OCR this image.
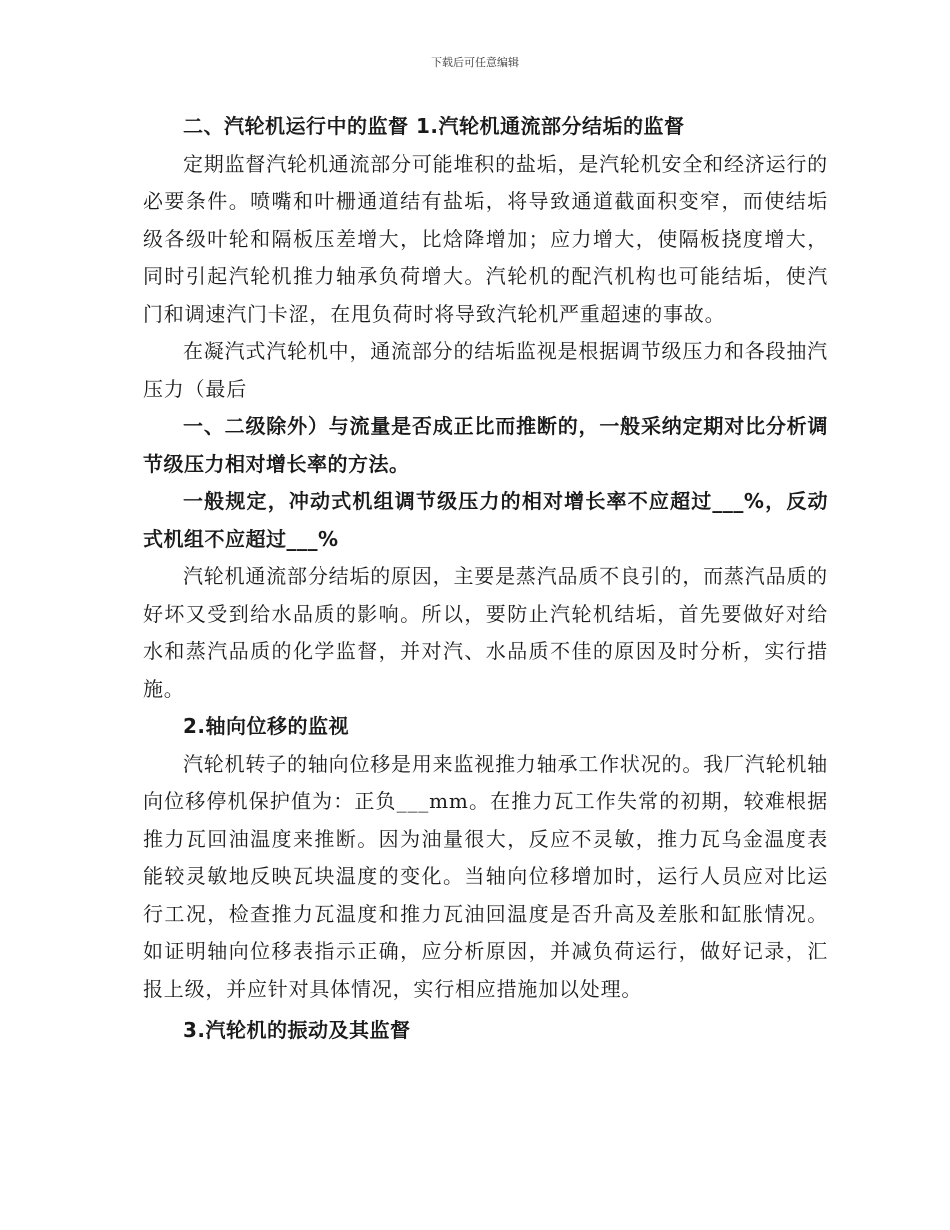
下载后可任意编辑

二、汽轮机运行中的监督 1.汽轮机通流部分结垢的监督

定期监督汽轮机通流部分可能堆积的盐垢，是汽轮机安全和经济运行的必要条件。喷嘴和叶栅通道结有盐垢，将导致通道截面积变窄，而使结垢级各级叶轮和隔板压差增大，比焓降增加；应力增大，使隔板挠度增大，同时引起汽轮机推力轴承负荷增大。汽轮机的配汽机构也可能结垢，使汽门和调速汽门卡涩，在甩负荷时将导致汽轮机严重超速的事故。

在凝汽式汽轮机中，通流部分的结垢监视是根据调节级压力和各段抽汽压力（最后

一、二级除外）与流量是否成正比而推断的，一般采纳定期对比分析调节级压力相对增长率的方法。

一般规定，冲动式机组调节级压力的相对增长率不应超过___%，反动式机组不应超过___%

汽轮机通流部分结垢的原因，主要是蒸汽品质不良引的，而蒸汽品质的好坏又受到给水品质的影响。所以，要防止汽轮机结垢，首先要做好对给水和蒸汽品质的化学监督，并对汽、水品质不佳的原因及时分析，实行措施。

2.轴向位移的监视

汽轮机转子的轴向位移是用来监视推力轴承工作状况的。我厂汽轮机轴向位移停机保护值为：正负___mm。在推力瓦工作失常的初期，较难根据推力瓦回油温度来推断。因为油量很大，反应不灵敏，推力瓦乌金温度表能较灵敏地反映瓦块温度的变化。当轴向位移增加时，运行人员应对比运行工况，检查推力瓦温度和推力瓦油回温度是否升高及差胀和缸胀情况。如证明轴向位移表指示正确，应分析原因，并减负荷运行，做好记录，汇报上级，并应针对具体情况，实行相应措施加以处理。

3.汽轮机的振动及其监督
